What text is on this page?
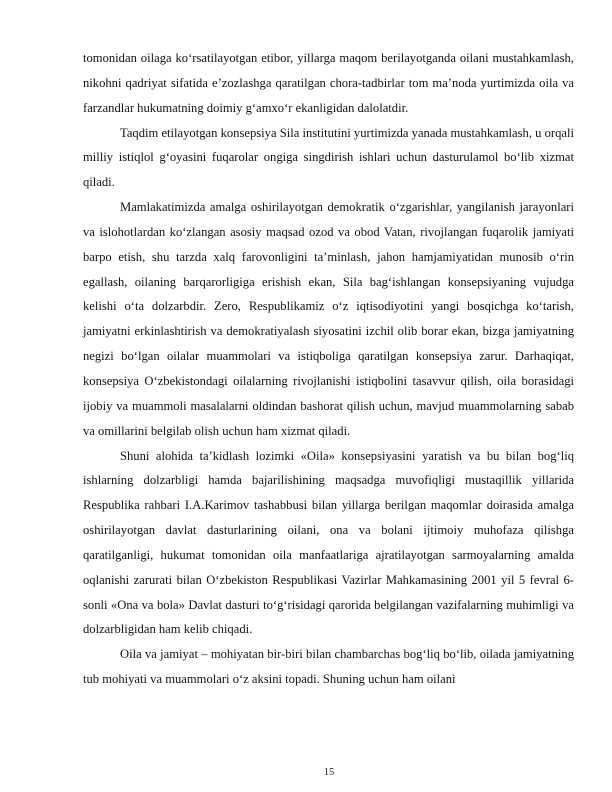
tomonidan oilaga ko‘rsatilayotgan etibor, yillarga maqom berilayotganda oilani mustahkamlash, nikohni qadriyat sifatida e’zozlashga qaratilgan chora-tadbirlar tom ma’noda yurtimizda oila va farzandlar hukumatning doimiy g‘amxo‘r ekanligidan dalolatdir.

Taqdim etilayotgan konsepsiya Sila institutini yurtimizda yanada mustahkamlash, u orqali milliy istiqlol g‘oyasini fuqarolar ongiga singdirish ishlari uchun dasturulamol bo‘lib xizmat qiladi.

Mamlakatimizda amalga oshirilayotgan demokratik o‘zgarishlar, yangilanish jarayonlari va islohotlardan ko‘zlangan asosiy maqsad ozod va obod Vatan, rivojlangan fuqarolik jamiyati barpo etish, shu tarzda xalq farovonligini ta’minlash, jahon hamjamiyatidan munosib o‘rin egallash, oilaning barqarorligiga erishish ekan, Sila bag‘ishlangan konsepsiyaning vujudga kelishi o‘ta dolzarbdir. Zero, Respublikamiz o‘z iqtisodiyotini yangi bosqichga ko‘tarish, jamiyatni erkinlashtirish va demokratiyalash siyosatini izchil olib borar ekan, bizga jamiyatning negizi bo‘lgan oilalar muammolari va istiqboliga qaratilgan konsepsiya zarur. Darhaqiqat, konsepsiya O‘zbekistondagi oilalarning rivojlanishi istiqbolini tasavvur qilish, oila borasidagi ijobiy va muammoli masalalarni oldindan bashorat qilish uchun, mavjud muammolarning sabab va omillarini belgilab olish uchun ham xizmat qiladi.

Shuni alohida ta’kidlash lozimki «Oila» konsepsiyasini yaratish va bu bilan bog‘liq ishlarning dolzarbligi hamda bajarilishining maqsadga muvofiqligi mustaqillik yillarida Respublika rahbari I.A.Karimov tashabbusi bilan yillarga berilgan maqomlar doirasida amalga oshirilayotgan davlat dasturlarining oilani, ona va bolani ijtimoiy muhofaza qilishga qaratilganligi, hukumat tomonidan oila manfaatlariga ajratilayotgan sarmoyalarning amalda oqlanishi zarurati bilan O‘zbekiston Respublikasi Vazirlar Mahkamasining 2001 yil 5 fevral 6-sonli «Ona va bola» Davlat dasturi to‘g‘risidagi qarorida belgilangan vazifalarning muhimligi va dolzarbligidan ham kelib chiqadi.

Oila va jamiyat – mohiyatan bir-biri bilan chambarchas bog‘liq bo‘lib, oilada jamiyatning tub mohiyati va muammolari o‘z aksini topadi. Shuning uchun ham oilani

15
